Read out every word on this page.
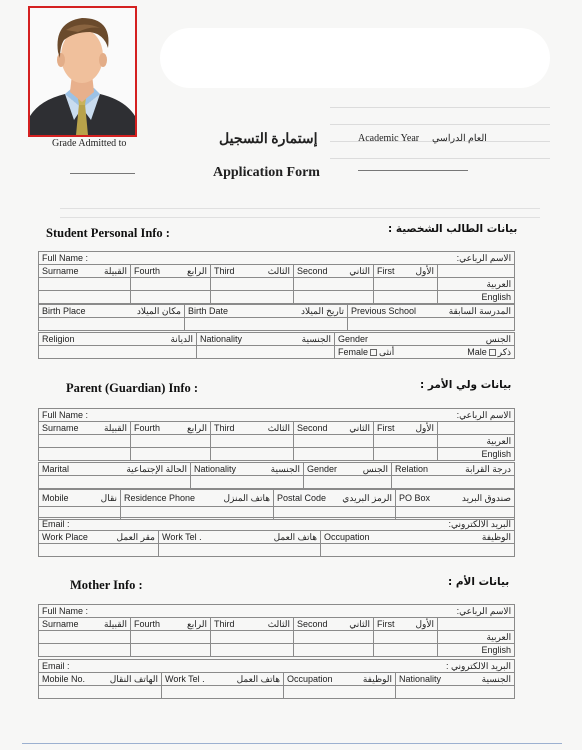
Grade Admitted to	إستمارة التسجيل
Application Form
Academic Year العام الدراسي
Student Personal Info :	بيانات الطالب الشخصية :
Full Name : الاسم الرباعي:					

Surname القبيلة	Fourth الرابع	Third الثالث	Second الثاني	First الأول	

					العربية
					English
Birth Place مكان الميلاد	Birth Date تاريخ الميلاد	Previous School المدرسة السابقة

Religion الديانة	Nationality الجنسية	Gender الجنس

		Female أنثى Male ذكر
Parent (Guardian) Info :	بيانات ولي الأمر :
Full Name : الاسم الرباعي:					

Surname القبيلة	Fourth الرابع	Third الثالث	Second الثاني	First الأول	

					العربية
					English
Marital الحالة الإجتماعية	Nationality الجنسية	Gender الجنس	Relation درجة القرابة

Mobile نقال	Residence Phone هاتف المنزل	Postal Code الرمز البريدي	PO Box صندوق البريد

Email : البريد الالكتروني:		

Work Place مقر العمل	Work Tel . هاتف العمل	Occupation الوظيفة

Mother Info :	بيانات الأم :
Full Name : الاسم الرباعي:					

Surname القبيلة	Fourth الرابع	Third الثالث	Second الثاني	First الأول	

					العربية
					English
Email : البريد الالكتروني :			

Mobile No. الهاتف النقال	Work Tel . هاتف العمل	Occupation الوظيفة	Nationality الجنسية
